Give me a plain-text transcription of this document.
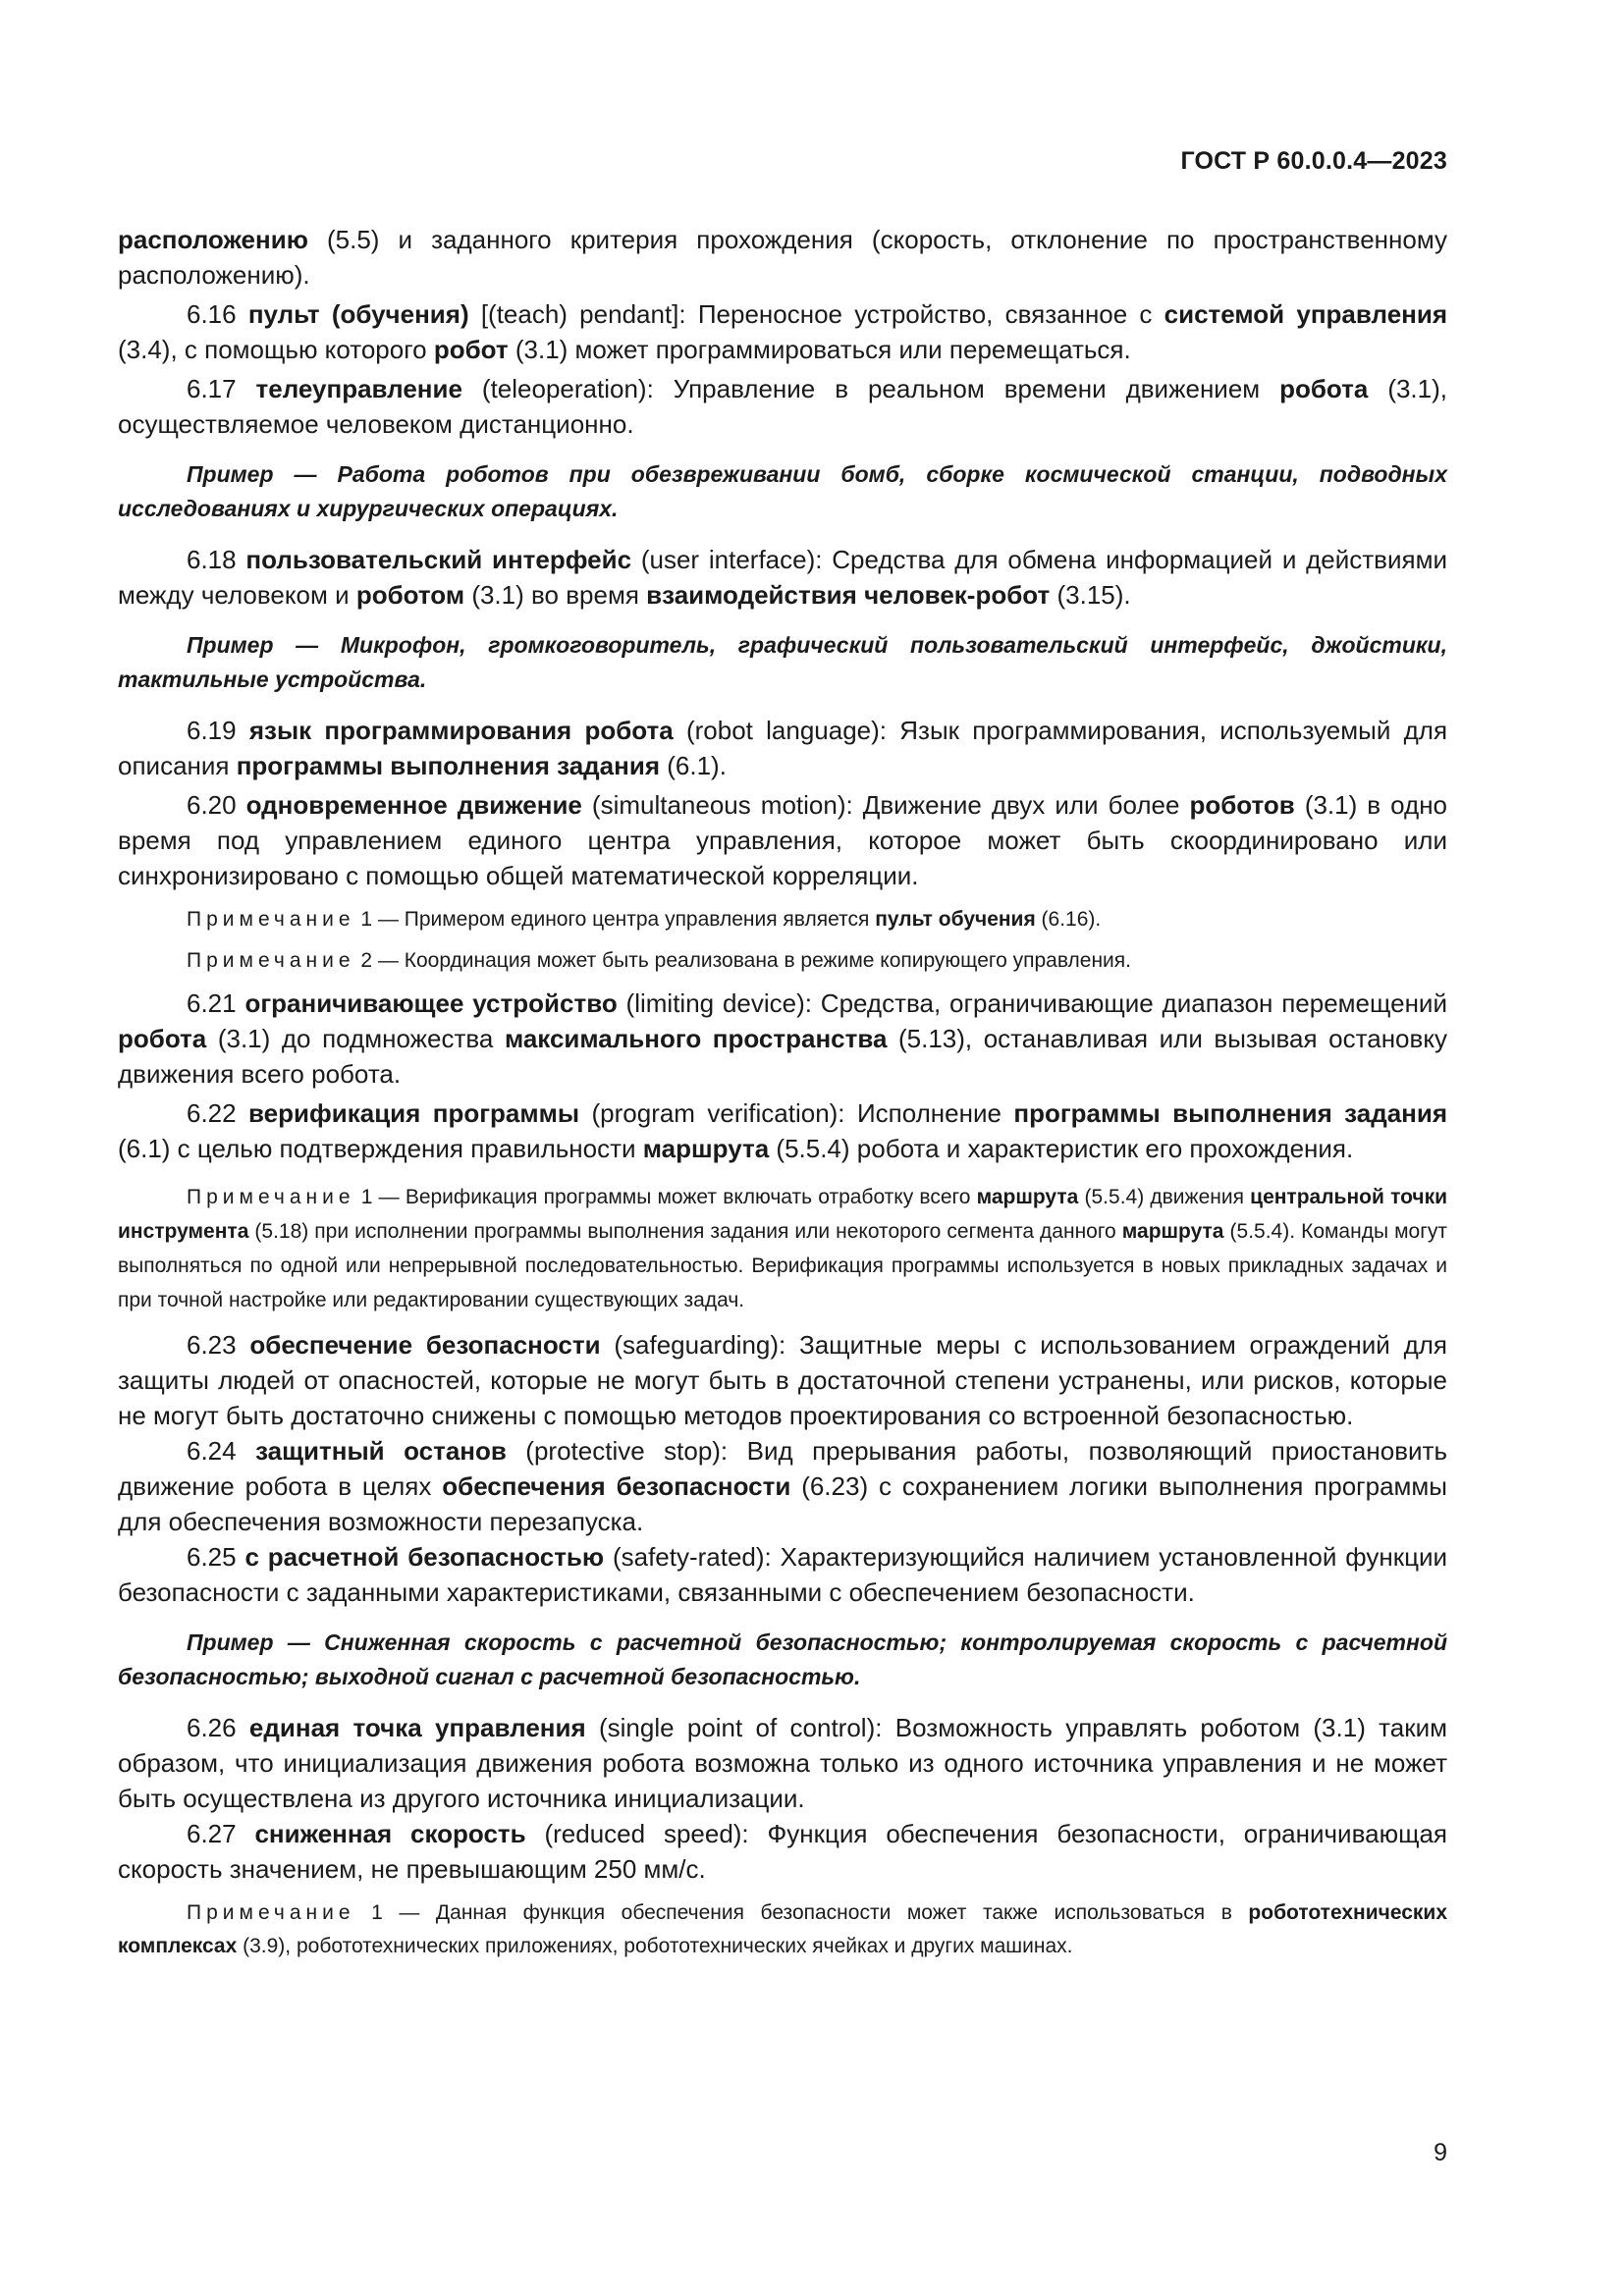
ГОСТ Р 60.0.0.4—2023

расположению (5.5) и заданного критерия прохождения (скорость, отклонение по пространственному расположению).

6.16 пульт (обучения) [(teach) pendant]: Переносное устройство, связанное с системой управления (3.4), с помощью которого робот (3.1) может программироваться или перемещаться.

6.17 телеуправление (teleoperation): Управление в реальном времени движением робота (3.1), осуществляемое человеком дистанционно.

Пример — Работа роботов при обезвреживании бомб, сборке космической станции, подводных исследованиях и хирургических операциях.

6.18 пользовательский интерфейс (user interface): Средства для обмена информацией и действиями между человеком и роботом (3.1) во время взаимодействия человек-робот (3.15).

Пример — Микрофон, громкоговоритель, графический пользовательский интерфейс, джойстики, тактильные устройства.

6.19 язык программирования робота (robot language): Язык программирования, используемый для описания программы выполнения задания (6.1).

6.20 одновременное движение (simultaneous motion): Движение двух или более роботов (3.1) в одно время под управлением единого центра управления, которое может быть скоординировано или синхронизировано с помощью общей математической корреляции.

Примечание 1 — Примером единого центра управления является пульт обучения (6.16).

Примечание 2 — Координация может быть реализована в режиме копирующего управления.

6.21 ограничивающее устройство (limiting device): Средства, ограничивающие диапазон перемещений робота (3.1) до подмножества максимального пространства (5.13), останавливая или вызывая остановку движения всего робота.

6.22 верификация программы (program verification): Исполнение программы выполнения задания (6.1) с целью подтверждения правильности маршрута (5.5.4) робота и характеристик его прохождения.

Примечание 1 — Верификация программы может включать отработку всего маршрута (5.5.4) движения центральной точки инструмента (5.18) при исполнении программы выполнения задания или некоторого сегмента данного маршрута (5.5.4). Команды могут выполняться по одной или непрерывной последовательностью. Верификация программы используется в новых прикладных задачах и при точной настройке или редактировании существующих задач.

6.23 обеспечение безопасности (safeguarding): Защитные меры с использованием ограждений для защиты людей от опасностей, которые не могут быть в достаточной степени устранены, или рисков, которые не могут быть достаточно снижены с помощью методов проектирования со встроенной безопасностью.

6.24 защитный останов (protective stop): Вид прерывания работы, позволяющий приостановить движение робота в целях обеспечения безопасности (6.23) с сохранением логики выполнения программы для обеспечения возможности перезапуска.

6.25 с расчетной безопасностью (safety-rated): Характеризующийся наличием установленной функции безопасности с заданными характеристиками, связанными с обеспечением безопасности.

Пример — Сниженная скорость с расчетной безопасностью; контролируемая скорость с расчетной безопасностью; выходной сигнал с расчетной безопасностью.

6.26 единая точка управления (single point of control): Возможность управлять роботом (3.1) таким образом, что инициализация движения робота возможна только из одного источника управления и не может быть осуществлена из другого источника инициализации.

6.27 сниженная скорость (reduced speed): Функция обеспечения безопасности, ограничивающая скорость значением, не превышающим 250 мм/с.

Примечание 1 — Данная функция обеспечения безопасности может также использоваться в робототехнических комплексах (3.9), робототехнических приложениях, робототехнических ячейках и других машинах.

9
